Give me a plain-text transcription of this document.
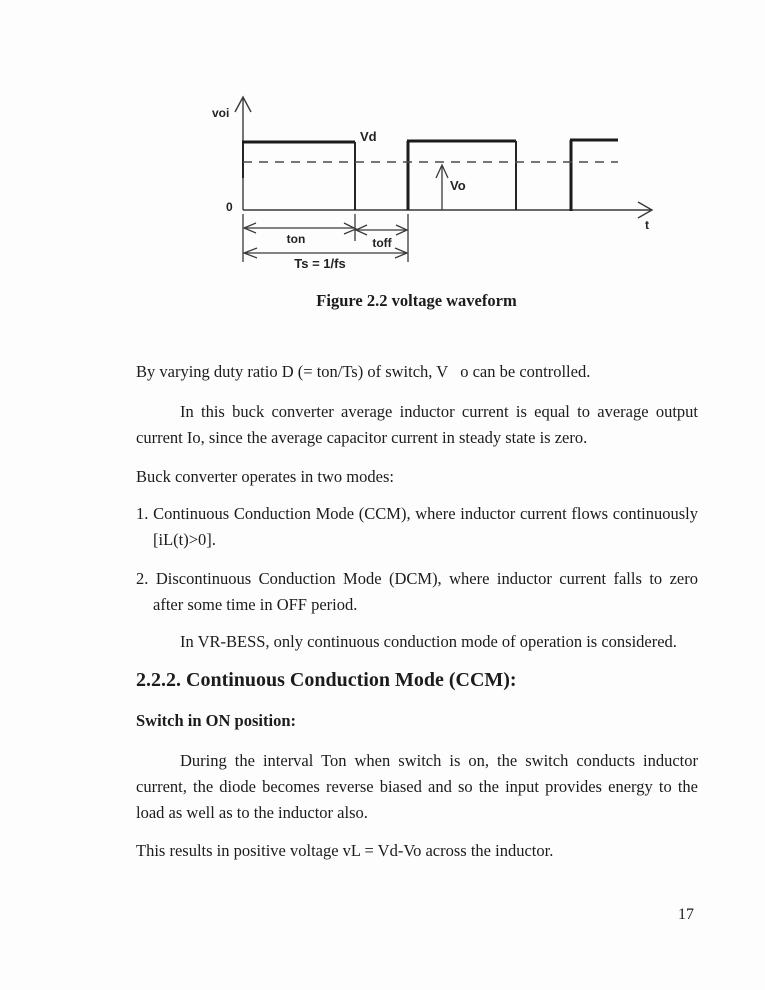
voi
0
t
Vd
Vo
ton	toff
Ts = 1/fs
Figure 2.2 voltage waveform

By varying duty ratio D (= ton/Ts) of switch, V   o can be controlled.

In this buck converter average inductor current is equal to average output current Io, since the average capacitor current in steady state is zero.

Buck converter operates in two modes:

1. Continuous Conduction Mode (CCM), where inductor current flows continuously [iL(t)>0].

2. Discontinuous Conduction Mode (DCM), where inductor current falls to zero after some time in OFF period.

In VR-BESS, only continuous conduction mode of operation is considered.

2.2.2. Continuous Conduction Mode (CCM):
Switch in ON position:

During the interval Ton when switch is on, the switch conducts inductor current, the diode becomes reverse biased and so the input provides energy to the load as well as to the inductor also.

This results in positive voltage vL = Vd-Vo across the inductor.

17
